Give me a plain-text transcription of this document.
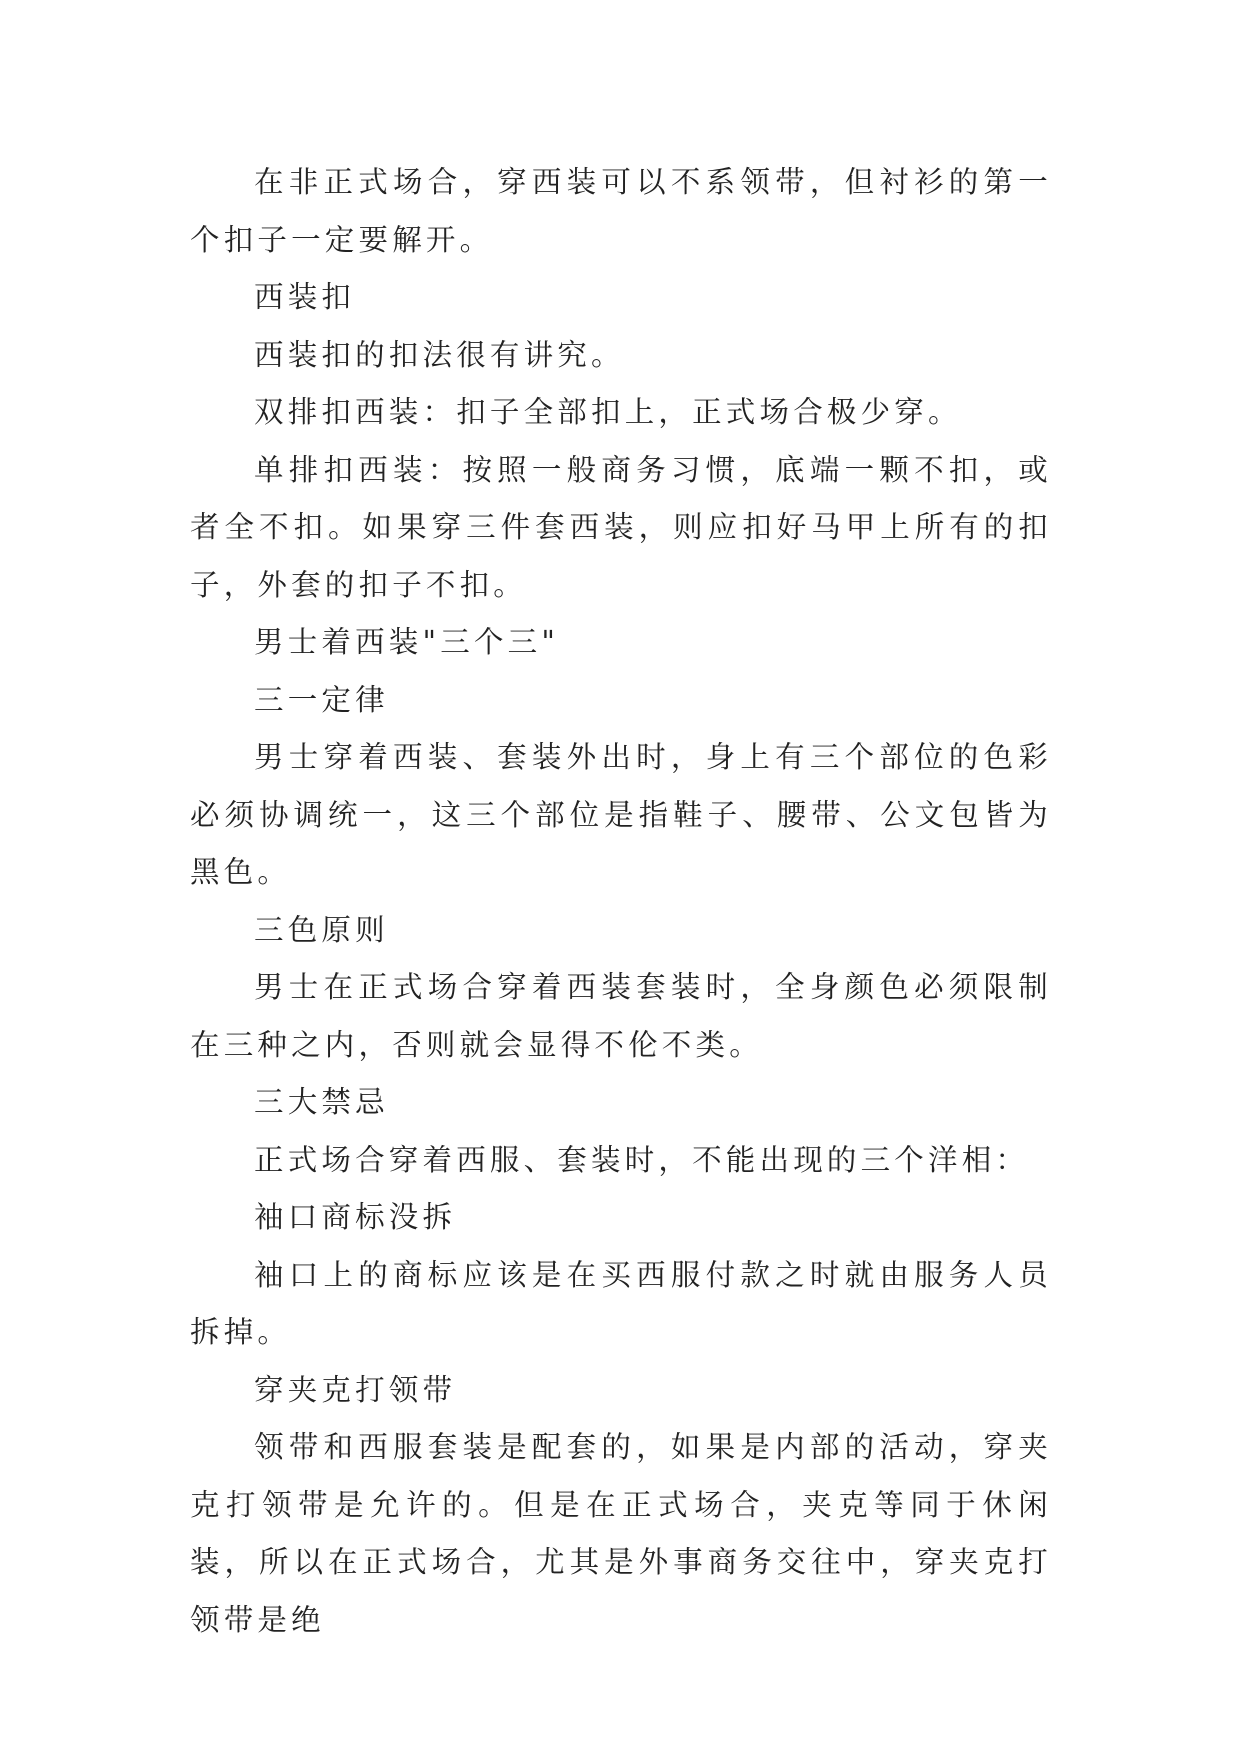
在非正式场合，穿西装可以不系领带，但衬衫的第一个扣子一定要解开。

西装扣

西装扣的扣法很有讲究。

双排扣西装：扣子全部扣上，正式场合极少穿。

单排扣西装：按照一般商务习惯，底端一颗不扣，或者全不扣。如果穿三件套西装，则应扣好马甲上所有的扣子，外套的扣子不扣。

男士着西装"三个三"

三一定律

男士穿着西装、套装外出时，身上有三个部位的色彩必须协调统一，这三个部位是指鞋子、腰带、公文包皆为黑色。

三色原则

男士在正式场合穿着西装套装时，全身颜色必须限制在三种之内，否则就会显得不伦不类。

三大禁忌

正式场合穿着西服、套装时，不能出现的三个洋相：

袖口商标没拆

袖口上的商标应该是在买西服付款之时就由服务人员拆掉。

穿夹克打领带

领带和西服套装是配套的，如果是内部的活动，穿夹克打领带是允许的。但是在正式场合，夹克等同于休闲装，所以在正式场合，尤其是外事商务交往中，穿夹克打领带是绝
